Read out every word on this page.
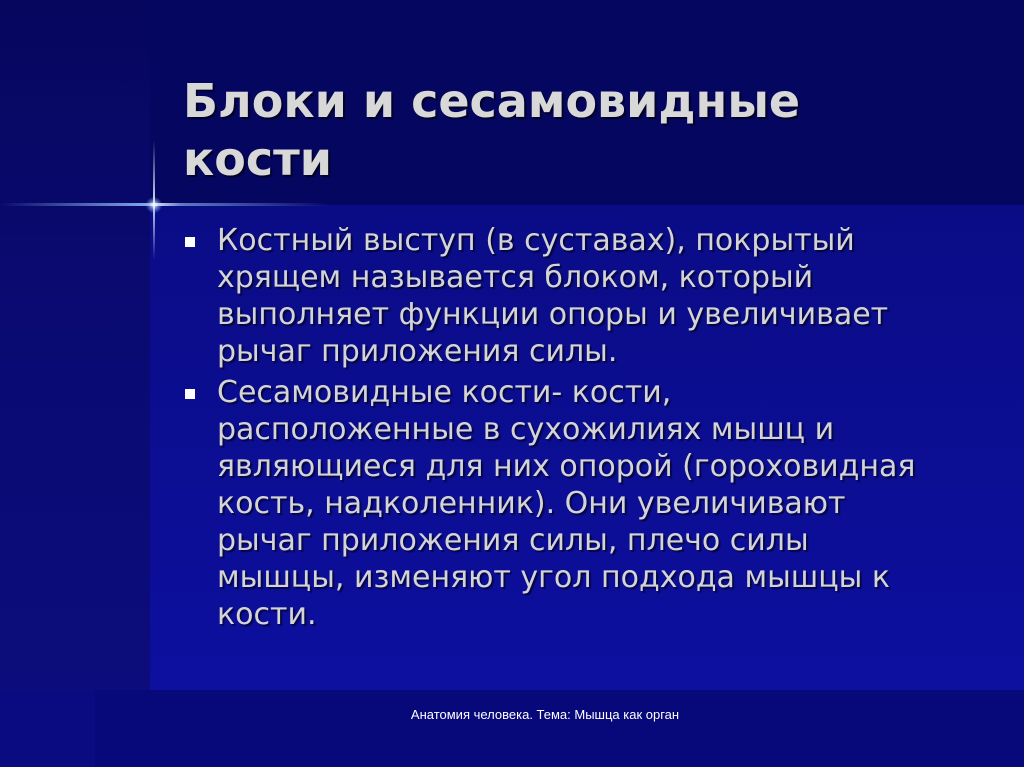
Блоки и сесамовидные кости
Костный выступ (в суставах), покрытый хрящем называется блоком, который выполняет функции опоры и увеличивает рычаг приложения силы.
Сесамовидные кости- кости, расположенные в сухожилиях мышц и являющиеся для них опорой (гороховидная кость, надколенник). Они увеличивают рычаг приложения силы, плечо силы мышцы, изменяют угол подхода мышцы к кости.
Анатомия человека. Тема: Мышца как орган
